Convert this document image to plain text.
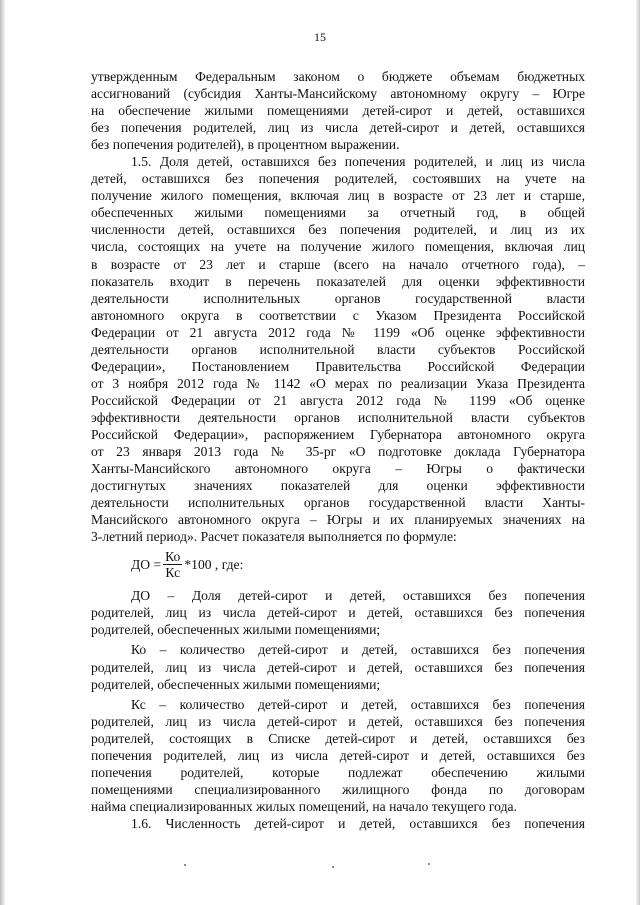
15
утвержденным Федеральным законом о бюджете объемам бюджетных
ассигнований (субсидия Ханты-Мансийскому автономному округу – Югре
на обеспечение жилыми помещениями детей-сирот и детей, оставшихся
без попечения родителей, лиц из числа детей-сирот и детей, оставшихся
без попечения родителей), в процентном выражении.
1.5. Доля детей, оставшихся без попечения родителей, и лиц из числа
детей, оставшихся без попечения родителей, состоявших на учете на
получение жилого помещения, включая лиц в возрасте от 23 лет и старше,
обеспеченных жилыми помещениями за отчетный год, в общей
численности детей, оставшихся без попечения родителей, и лиц из их
числа, состоящих на учете на получение жилого помещения, включая лиц
в возрасте от 23 лет и старше (всего на начало отчетного года), –
показатель входит в перечень показателей для оценки эффективности
деятельности исполнительных органов государственной власти
автономного округа в соответствии с Указом Президента Российской
Федерации от 21 августа 2012 года № 1199 «Об оценке эффективности
деятельности органов исполнительной власти субъектов Российской
Федерации», Постановлением Правительства Российской Федерации
от 3 ноября 2012 года № 1142 «О мерах по реализации Указа Президента
Российской Федерации от 21 августа 2012 года № 1199 «Об оценке
эффективности деятельности органов исполнительной власти субъектов
Российской Федерации», распоряжением Губернатора автономного округа
от 23 января 2013 года № 35-рг «О подготовке доклада Губернатора
Ханты-Мансийского автономного округа – Югры о фактически
достигнутых значениях показателей для оценки эффективности
деятельности исполнительных органов государственной власти Ханты-
Мансийского автономного округа – Югры и их планируемых значениях на
3-летний период». Расчет показателя выполняется по формуле:
ДО = $\frac{Ко}{Кс} *100$ , где:
ДО – Доля детей-сирот и детей, оставшихся без попечения
родителей, лиц из числа детей-сирот и детей, оставшихся без попечения
родителей, обеспеченных жилыми помещениями;
Ко – количество детей-сирот и детей, оставшихся без попечения
родителей, лиц из числа детей-сирот и детей, оставшихся без попечения
родителей, обеспеченных жилыми помещениями;
Кс – количество детей-сирот и детей, оставшихся без попечения
родителей, лиц из числа детей-сирот и детей, оставшихся без попечения
родителей, состоящих в Списке детей-сирот и детей, оставшихся без
попечения родителей, лиц из числа детей-сирот и детей, оставшихся без
попечения родителей, которые подлежат обеспечению жилыми
помещениями специализированного жилищного фонда по договорам
найма специализированных жилых помещений, на начало текущего года.
1.6. Численность детей-сирот и детей, оставшихся без попечения
